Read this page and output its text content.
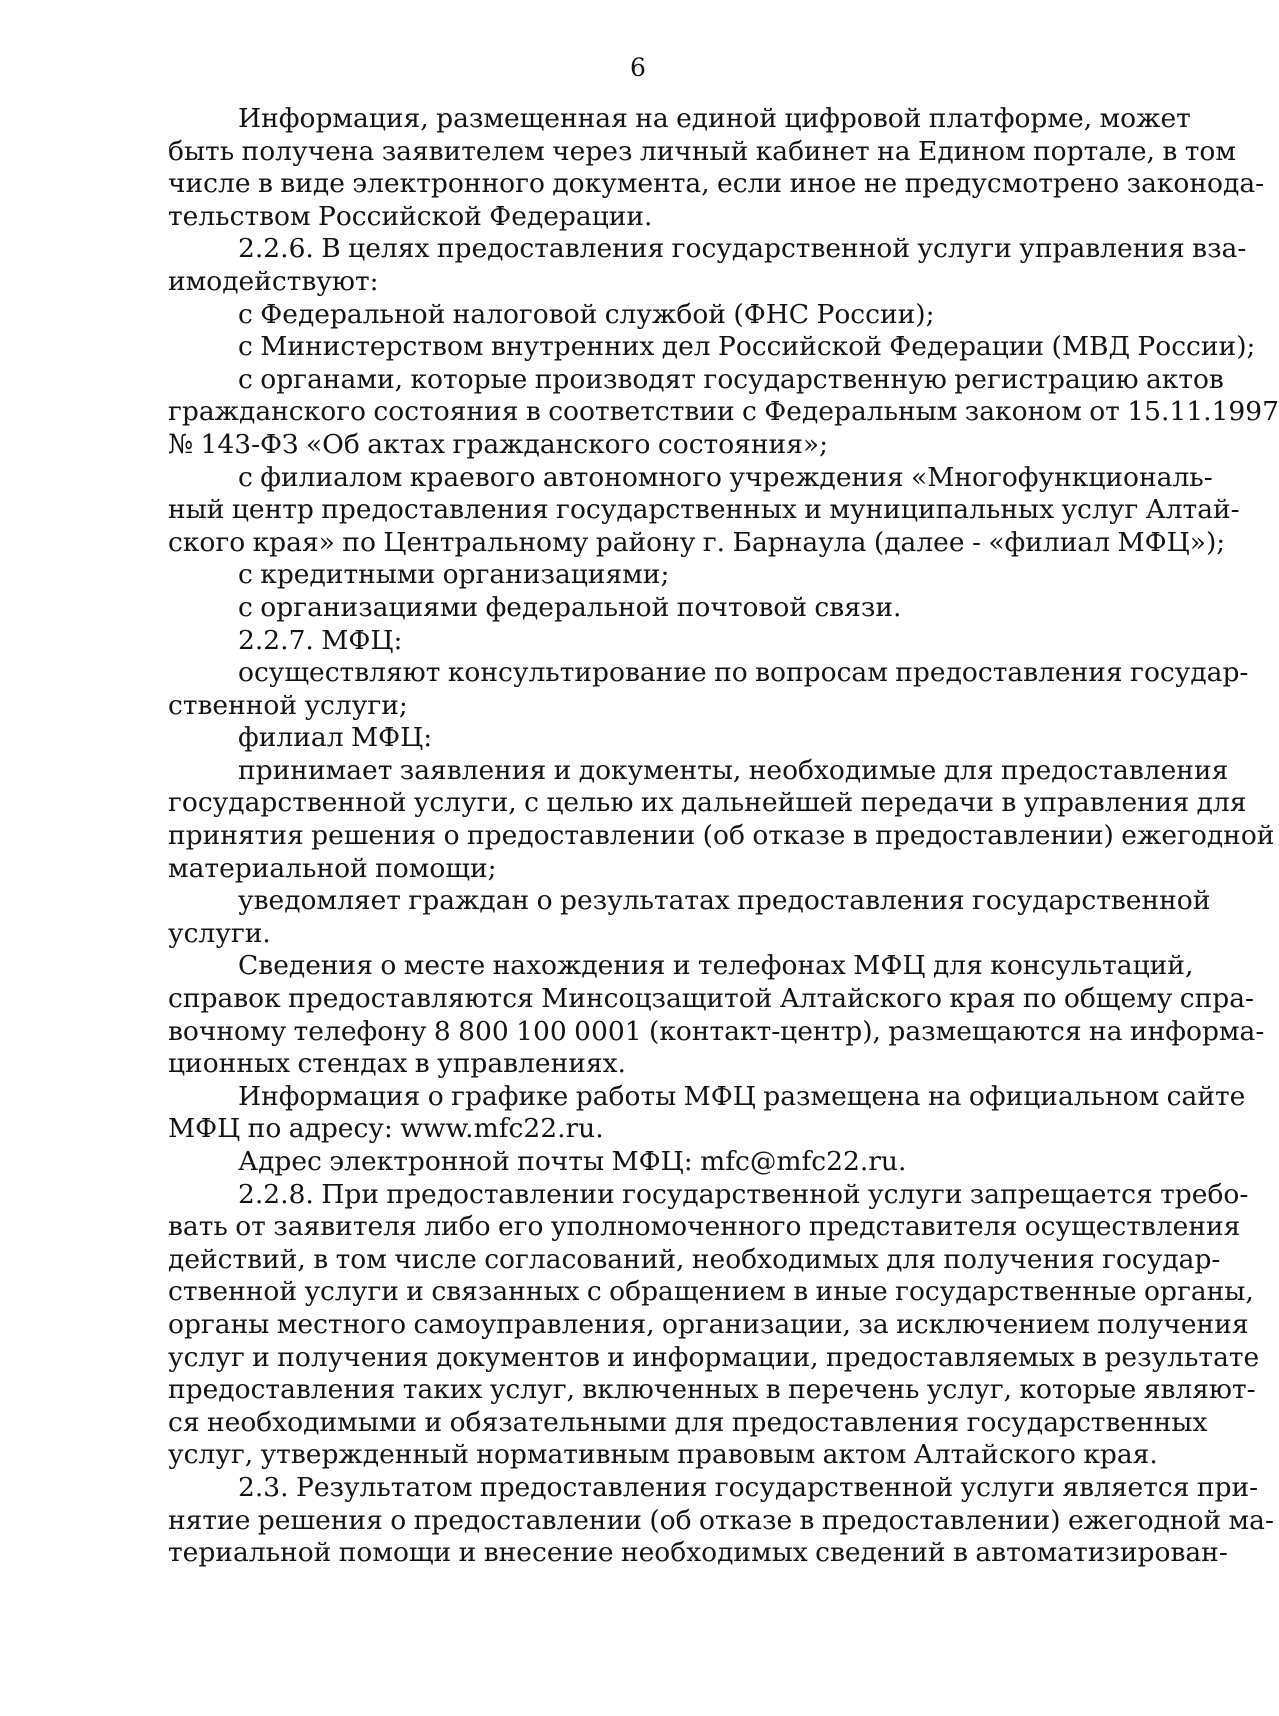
6
Информация, размещенная на единой цифровой платформе, может
быть получена заявителем через личный кабинет на Едином портале, в том
числе в виде электронного документа, если иное не предусмотрено законода-
тельством Российской Федерации.
2.2.6. В целях предоставления государственной услуги управления вза-
имодействуют:
с Федеральной налоговой службой (ФНС России);
с Министерством внутренних дел Российской Федерации (МВД России);
с органами, которые производят государственную регистрацию актов
гражданского состояния в соответствии с Федеральным законом от 15.11.1997
№ 143-ФЗ «Об актах гражданского состояния»;
с филиалом краевого автономного учреждения «Многофункциональ-
ный центр предоставления государственных и муниципальных услуг Алтай-
ского края» по Центральному району г. Барнаула (далее - «филиал МФЦ»);
с кредитными организациями;
с организациями федеральной почтовой связи.
2.2.7. МФЦ:
осуществляют консультирование по вопросам предоставления государ-
ственной услуги;
филиал МФЦ:
принимает заявления и документы, необходимые для предоставления
государственной услуги, с целью их дальнейшей передачи в управления для
принятия решения о предоставлении (об отказе в предоставлении) ежегодной
материальной помощи;
уведомляет граждан о результатах предоставления государственной
услуги.
Сведения о месте нахождения и телефонах МФЦ для консультаций,
справок предоставляются Минсоцзащитой Алтайского края по общему спра-
вочному телефону 8 800 100 0001 (контакт-центр), размещаются на информа-
ционных стендах в управлениях.
Информация о графике работы МФЦ размещена на официальном сайте
МФЦ по адресу: www.mfc22.ru.
Адрес электронной почты МФЦ: mfc@mfc22.ru.
2.2.8. При предоставлении государственной услуги запрещается требо-
вать от заявителя либо его уполномоченного представителя осуществления
действий, в том числе согласований, необходимых для получения государ-
ственной услуги и связанных с обращением в иные государственные органы,
органы местного самоуправления, организации, за исключением получения
услуг и получения документов и информации, предоставляемых в результате
предоставления таких услуг, включенных в перечень услуг, которые являют-
ся необходимыми и обязательными для предоставления государственных
услуг, утвержденный нормативным правовым актом Алтайского края.
2.3. Результатом предоставления государственной услуги является при-
нятие решения о предоставлении (об отказе в предоставлении) ежегодной ма-
териальной помощи и внесение необходимых сведений в автоматизирован-
